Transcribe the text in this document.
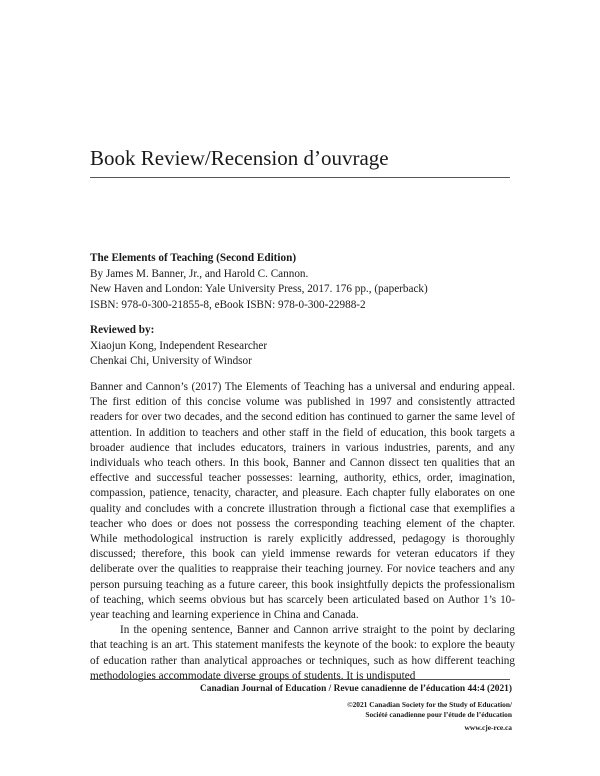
Book Review/Recension d’ouvrage
The Elements of Teaching (Second Edition)
By James M. Banner, Jr., and Harold C. Cannon.
New Haven and London: Yale University Press, 2017. 176 pp., (paperback)
ISBN: 978-0-300-21855-8, eBook ISBN: 978-0-300-22988-2
Reviewed by:
Xiaojun Kong, Independent Researcher
Chenkai Chi, University of Windsor

Banner and Cannon’s (2017) The Elements of Teaching has a universal and enduring appeal. The first edition of this concise volume was published in 1997 and consistently attracted readers for over two decades, and the second edition has continued to garner the same level of attention. In addition to teachers and other staff in the field of education, this book targets a broader audience that includes educators, trainers in various industries, parents, and any individuals who teach others. In this book, Banner and Cannon dissect ten qualities that an effective and successful teacher possesses: learning, authority, ethics, order, imagination, compassion, patience, tenacity, character, and pleasure. Each chapter fully elaborates on one quality and concludes with a concrete illustration through a fictional case that exemplifies a teacher who does or does not possess the corresponding teaching element of the chapter. While methodological instruction is rarely explicitly addressed, pedagogy is thoroughly discussed; therefore, this book can yield immense rewards for veteran educators if they deliberate over the qualities to reappraise their teaching journey. For novice teachers and any person pursuing teaching as a future career, this book insightfully depicts the professionalism of teaching, which seems obvious but has scarcely been articulated based on Author 1’s 10-year teaching and learning experience in China and Canada.

In the opening sentence, Banner and Cannon arrive straight to the point by declaring that teaching is an art. This statement manifests the keynote of the book: to explore the beauty of education rather than analytical approaches or techniques, such as how different teaching methodologies accommodate diverse groups of students. It is undisputed

Canadian Journal of Education / Revue canadienne de l’éducation 44:4 (2021)
©2021 Canadian Society for the Study of Education/
Société canadienne pour l’étude de l’éducation
www.cje-rce.ca
